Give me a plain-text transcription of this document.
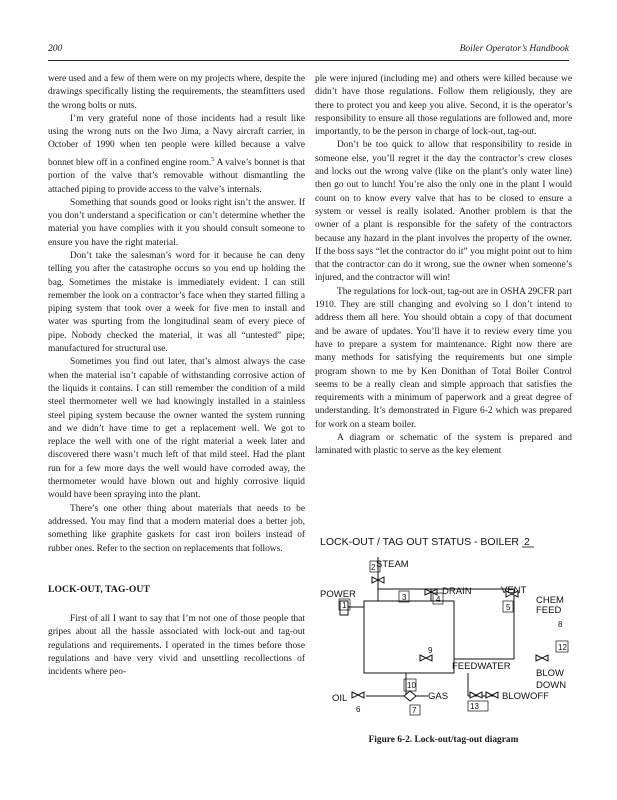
200	Boiler Operator’s Handbook

were used and a few of them were on my projects where, despite the drawings specifically listing the requirements, the steamfitters used the wrong bolts or nuts.

I’m very grateful none of those incidents had a result like using the wrong nuts on the Iwo Jima, a Navy aircraft carrier, in October of 1990 when ten people were killed because a valve bonnet blew off in a confined engine room.$^5$ A valve’s bonnet is that portion of the valve that’s removable without dismantling the attached piping to provide access to the valve’s internals.

Something that sounds good or looks right isn’t the answer. If you don’t understand a specification or can’t determine whether the material you have complies with it you should consult someone to ensure you have the right material.

Don’t take the salesman’s word for it because he can deny telling you after the catastrophe occurs so you end up holding the bag. Sometimes the mistake is immediately evident. I can still remember the look on a contractor’s face when they started filling a piping system that took over a week for five men to install and water was spurting from the longitudinal seam of every piece of pipe. Nobody checked the material, it was all “untested” pipe; manufactured for structural use.

Sometimes you find out later, that’s almost always the case when the material isn’t capable of withstanding corrosive action of the liquids it contains. I can still remember the condition of a mild steel thermometer well we had knowingly installed in a stainless steel piping system because the owner wanted the system running and we didn’t have time to get a replacement well. We got to replace the well with one of the right material a week later and discovered there wasn’t much left of that mild steel. Had the plant run for a few more days the well would have corroded away, the thermometer would have blown out and highly corrosive liquid would have been spraying into the plant.

There’s one other thing about materials that needs to be addressed. You may find that a modern material does a better job, something like graphite gaskets for cast iron boilers instead of rubber ones. Refer to the section on replacements that follows.

LOCK-OUT, TAG-OUT

First of all I want to say that I’m not one of those people that gripes about all the hassle associated with lock-out and tag-out regulations and requirements. I operated in the times before those regulations and have very vivid and unsettling recollections of incidents where peo-

ple were injured (including me) and others were killed because we didn’t have those regulations. Follow them religiously, they are there to protect you and keep you alive. Second, it is the operator’s responsibility to ensure all those regulations are followed and, more importantly, to be the person in charge of lock-out, tag-out.

Don’t be too quick to allow that responsibility to reside in someone else, you’ll regret it the day the contractor’s crew closes and locks out the wrong valve (like on the plant’s only water line) then go out to lunch! You’re also the only one in the plant I would count on to know every valve that has to be closed to ensure a system or vessel is really isolated. Another problem is that the owner of a plant is responsible for the safety of the contractors because any hazard in the plant involves the property of the owner. If the boss says “let the contractor do it” you might point out to him that the contractor can do it wrong, sue the owner when someone’s injured, and the contractor will win!

The regulations for lock-out, tag-out are in OSHA 29CFR part 1910. They are still changing and evolving so I don’t intend to address them all here. You should obtain a copy of that document and be aware of updates. You’ll have it to review every time you have to prepare a system for maintenance. Right now there are many methods for satisfying the requirements but one simple program shown to me by Ken Donithan of Total Boiler Control seems to be a really clean and simple approach that satisfies the requirements with a minimum of paperwork and a great degree of understanding. It’s demonstrated in Figure 6-2 which was prepared for work on a steam boiler.

A diagram or schematic of the system is prepared and laminated with plastic to serve as the key element

LOCK-OUT / TAG OUT STATUS - BOILER 2
STEAM
2
DRAIN
3	4
VENT
5
POWER
1	CHEM
FEED
8
FEEDWATER
9
BLOW
DOWN
12
BLOWOFF
13
OIL
6
GAS
10
7
Figure 6-2. Lock-out/tag-out diagram
